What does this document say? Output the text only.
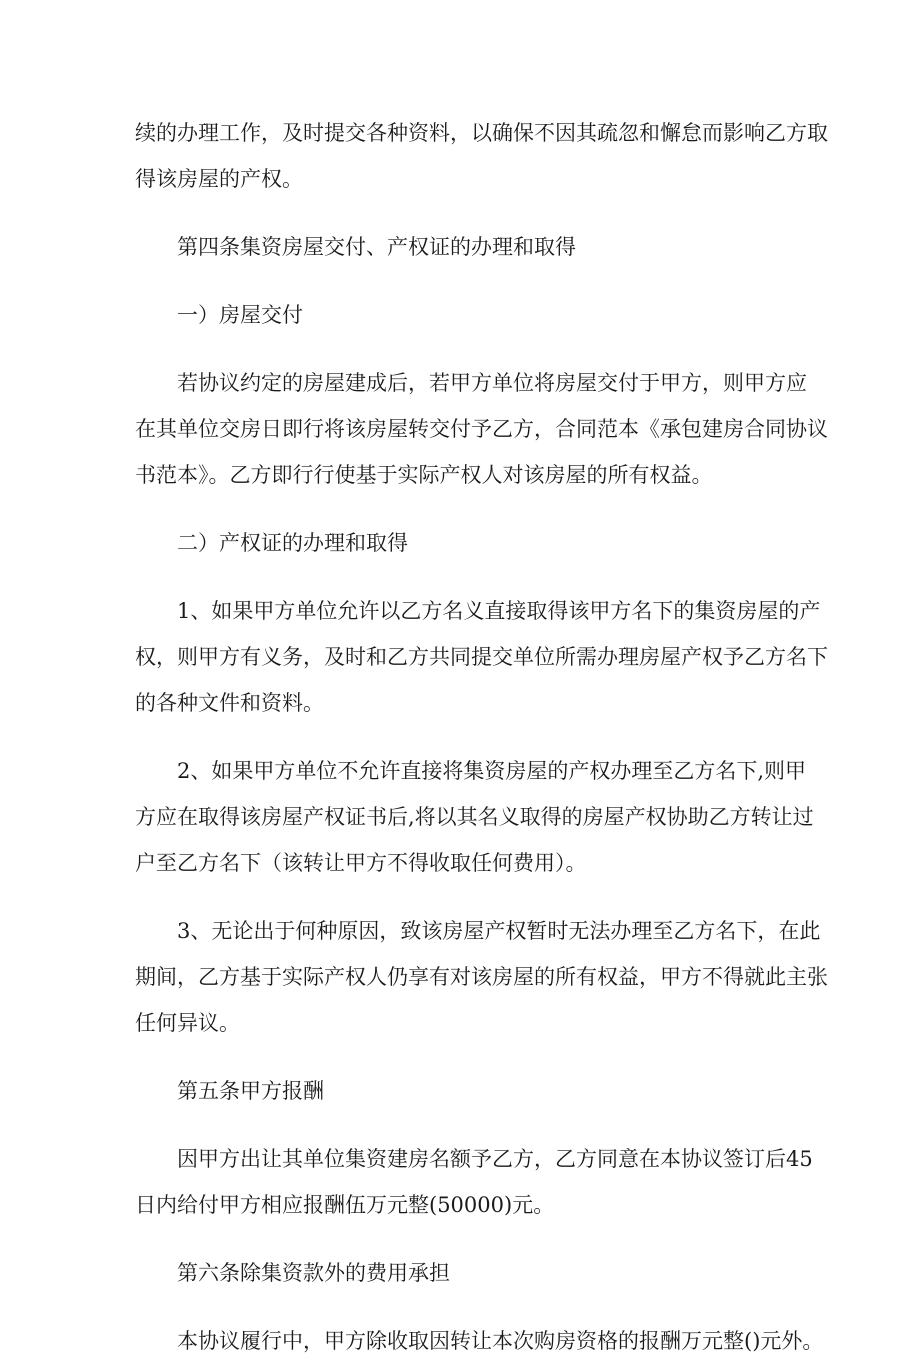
续的办理工作，及时提交各种资料，以确保不因其疏忽和懈怠而影响乙方取
得该房屋的产权。
第四条集资房屋交付、产权证的办理和取得
一）房屋交付
若协议约定的房屋建成后，若甲方单位将房屋交付于甲方，则甲方应
在其单位交房日即行将该房屋转交付予乙方，合同范本《承包建房合同协议
书范本》。乙方即行行使基于实际产权人对该房屋的所有权益。
二）产权证的办理和取得
1、如果甲方单位允许以乙方名义直接取得该甲方名下的集资房屋的产
权，则甲方有义务，及时和乙方共同提交单位所需办理房屋产权予乙方名下
的各种文件和资料。
2、如果甲方单位不允许直接将集资房屋的产权办理至乙方名下,则甲
方应在取得该房屋产权证书后,将以其名义取得的房屋产权协助乙方转让过
户至乙方名下（该转让甲方不得收取任何费用）。
3、无论出于何种原因，致该房屋产权暂时无法办理至乙方名下，在此
期间，乙方基于实际产权人仍享有对该房屋的所有权益，甲方不得就此主张
任何异议。
第五条甲方报酬
因甲方出让其单位集资建房名额予乙方，乙方同意在本协议签订后45
日内给付甲方相应报酬伍万元整(50000)元。
第六条除集资款外的费用承担
本协议履行中，甲方除收取因转让本次购房资格的报酬万元整()元外。
